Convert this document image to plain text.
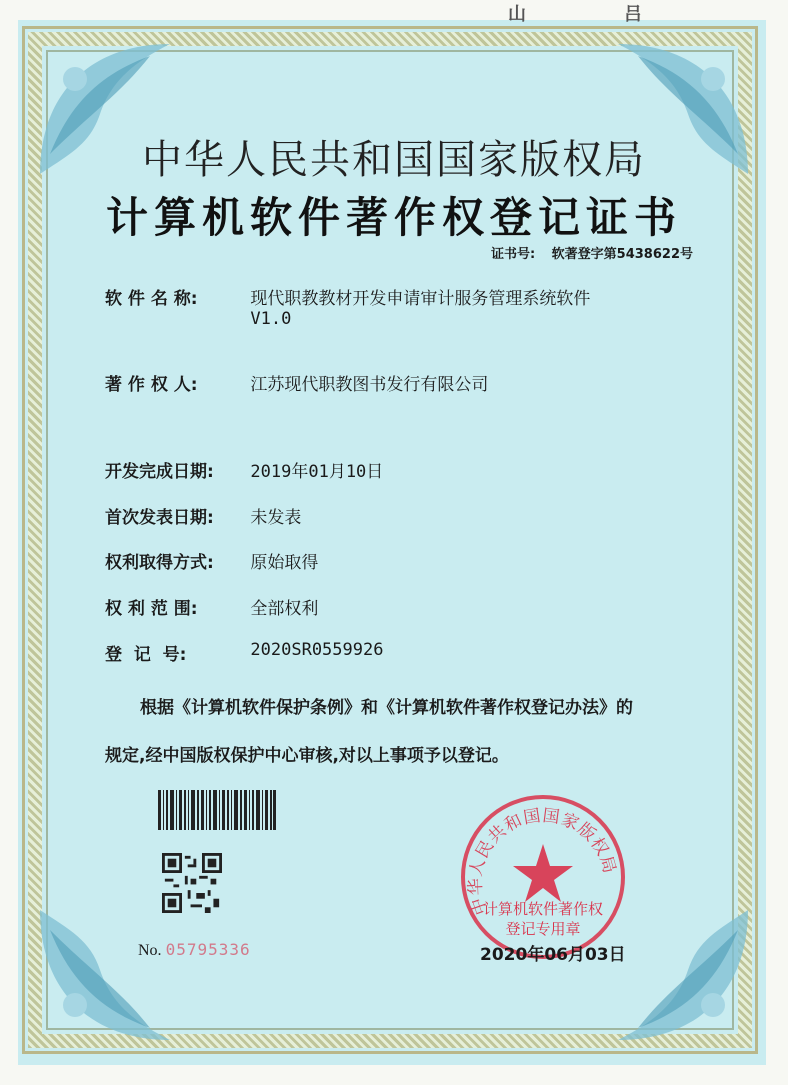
山	吕
中华人民共和国国家版权局
计算机软件著作权登记证书
证书号: 软著登字第5438622号
软 件 名 称:	现代职教教材开发申请审计服务管理系统软件
V1.0
著 作 权 人:	江苏现代职教图书发行有限公司
开发完成日期: 2019年01月10日
首次发表日期: 未发表
权利取得方式: 原始取得
权 利 范 围:	全部权利
登  记  号:	2020SR0559926
根据《计算机软件保护条例》和《计算机软件著作权登记办法》的
规定,经中国版权保护中心审核,对以上事项予以登记。
No. 05795336
中华人民共和国国家版权局
计算机软件著作权
登记专用章
2020年06月03日
